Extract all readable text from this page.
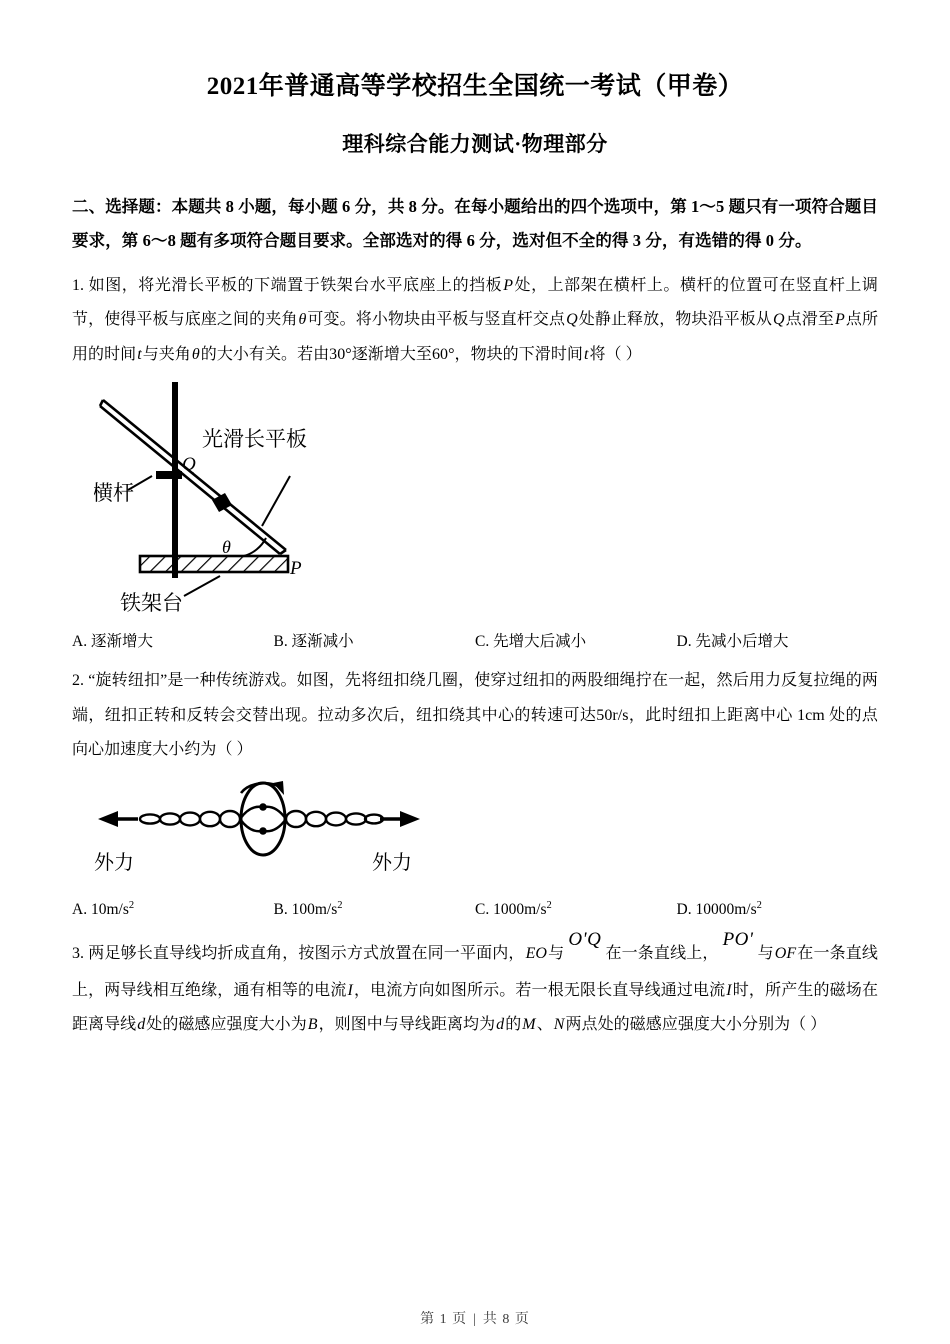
2021年普通高等学校招生全国统一考试（甲卷）
理科综合能力测试·物理部分
二、选择题：本题共 8 小题，每小题 6 分，共 8 分。在每小题给出的四个选项中，第 1～5 题只有一项符合题目要求，第 6～8 题有多项符合题目要求。全部选对的得 6 分，选对但不全的得 3 分，有选错的得 0 分。
1. 如图，将光滑长平板的下端置于铁架台水平底座上的挡板P处，上部架在横杆上。横杆的位置可在竖直杆上调节，使得平板与底座之间的夹角θ可变。将小物块由平板与竖直杆交点Q处静止释放，物块沿平板从Q点滑至P点所用的时间t与夹角θ的大小有关。若由30°逐渐增大至60°，物块的下滑时间t将（ ）
光滑长平板
横杆
铁架台
Q
P
θ
A. 逐渐增大	B. 逐渐减小	C. 先增大后减小	D. 先减小后增大
2. “旋转纽扣”是一种传统游戏。如图，先将纽扣绕几圈，使穿过纽扣的两股细绳拧在一起，然后用力反复拉绳的两端，纽扣正转和反转会交替出现。拉动多次后，纽扣绕其中心的转速可达50r/s，此时纽扣上距离中心 1cm 处的点向心加速度大小约为（ ）
外力	外力
A. $10m/s^2$	B. $100m/s^2$	C. $1000m/s^2$	D. $10000m/s^2$
3. 两足够长直导线均折成直角，按图示方式放置在同一平面内，EO与O'Q在一条直线上，PO'与OF在一条直线上，两导线相互绝缘，通有相等的电流I，电流方向如图所示。若一根无限长直导线通过电流I时，所产生的磁场在距离导线d处的磁感应强度大小为B，则图中与导线距离均为d的M、N两点处的磁感应强度大小分别为（ ）
第 1 页 | 共 8 页
